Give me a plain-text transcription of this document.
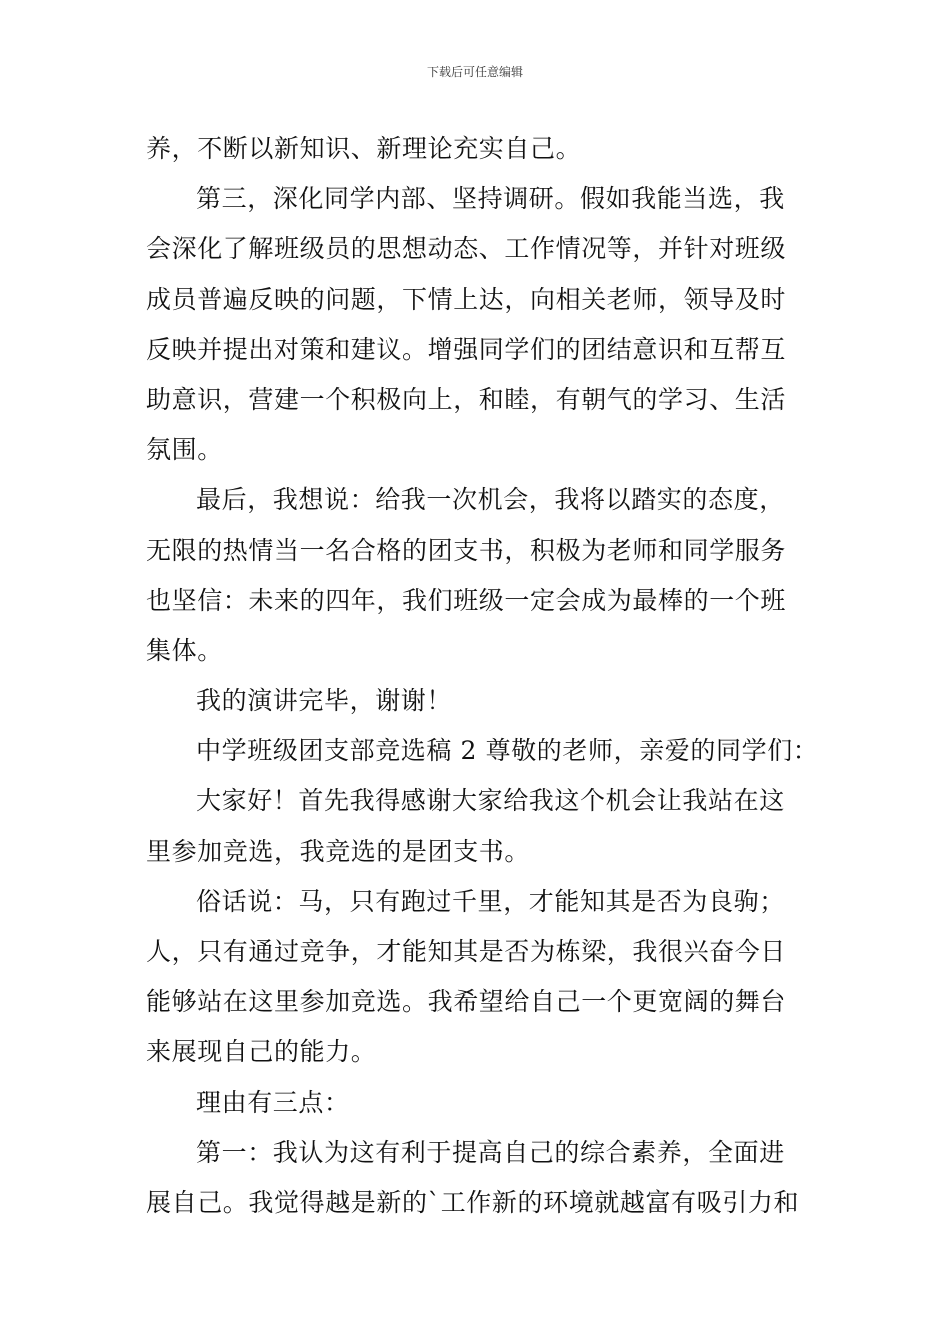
下载后可任意编辑
养，不断以新知识、新理论充实自己。
第三，深化同学内部、坚持调研。假如我能当选，我
会深化了解班级员的思想动态、工作情况等，并针对班级
成员普遍反映的问题，下情上达，向相关老师，领导及时
反映并提出对策和建议。增强同学们的团结意识和互帮互
助意识，营建一个积极向上，和睦，有朝气的学习、生活
氛围。
最后，我想说：给我一次机会，我将以踏实的态度，
无限的热情当一名合格的团支书，积极为老师和同学服务
也坚信：未来的四年，我们班级一定会成为最棒的一个班
集体。
我的演讲完毕，谢谢！
中学班级团支部竞选稿 2 尊敬的老师，亲爱的同学们：
大家好！首先我得感谢大家给我这个机会让我站在这
里参加竞选，我竞选的是团支书。
俗话说：马，只有跑过千里，才能知其是否为良驹；
人，只有通过竞争，才能知其是否为栋梁，我很兴奋今日
能够站在这里参加竞选。我希望给自己一个更宽阔的舞台
来展现自己的能力。
理由有三点：
第一：我认为这有利于提高自己的综合素养，全面进
展自己。我觉得越是新的`工作新的环境就越富有吸引力和
